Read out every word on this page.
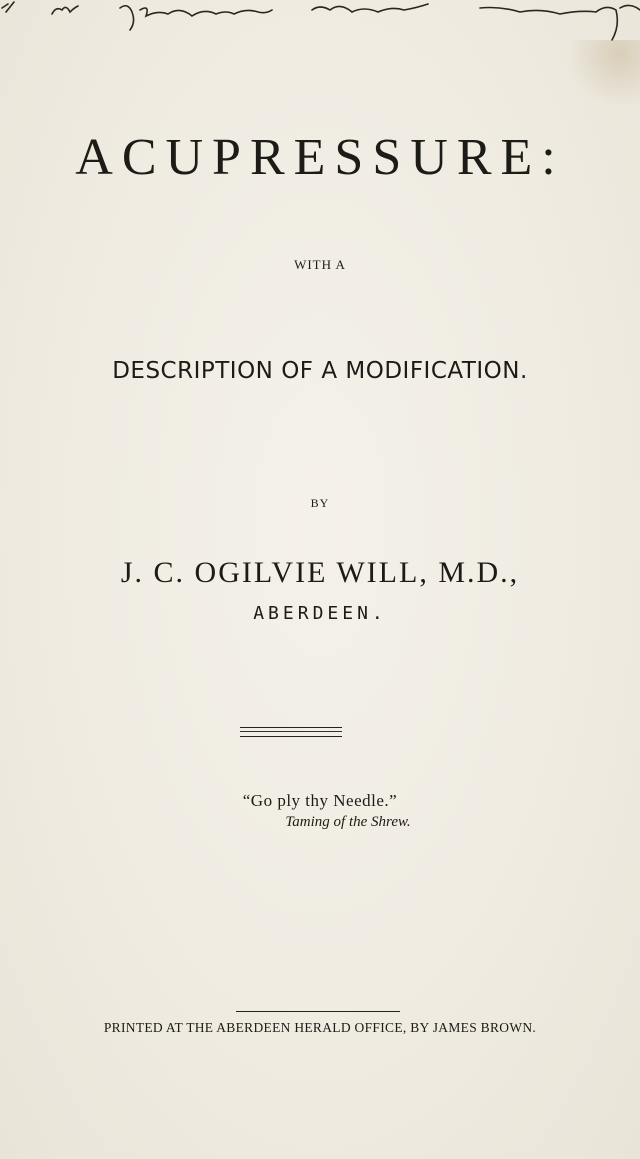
ACUPRESSURE:
WITH A
DESCRIPTION OF A MODIFICATION.
BY
J. C. OGILVIE WILL, M.D.,
ABERDEEN.
“Go ply thy Needle.”
Taming of the Shrew.
PRINTED AT THE ABERDEEN HERALD OFFICE, BY JAMES BROWN.
